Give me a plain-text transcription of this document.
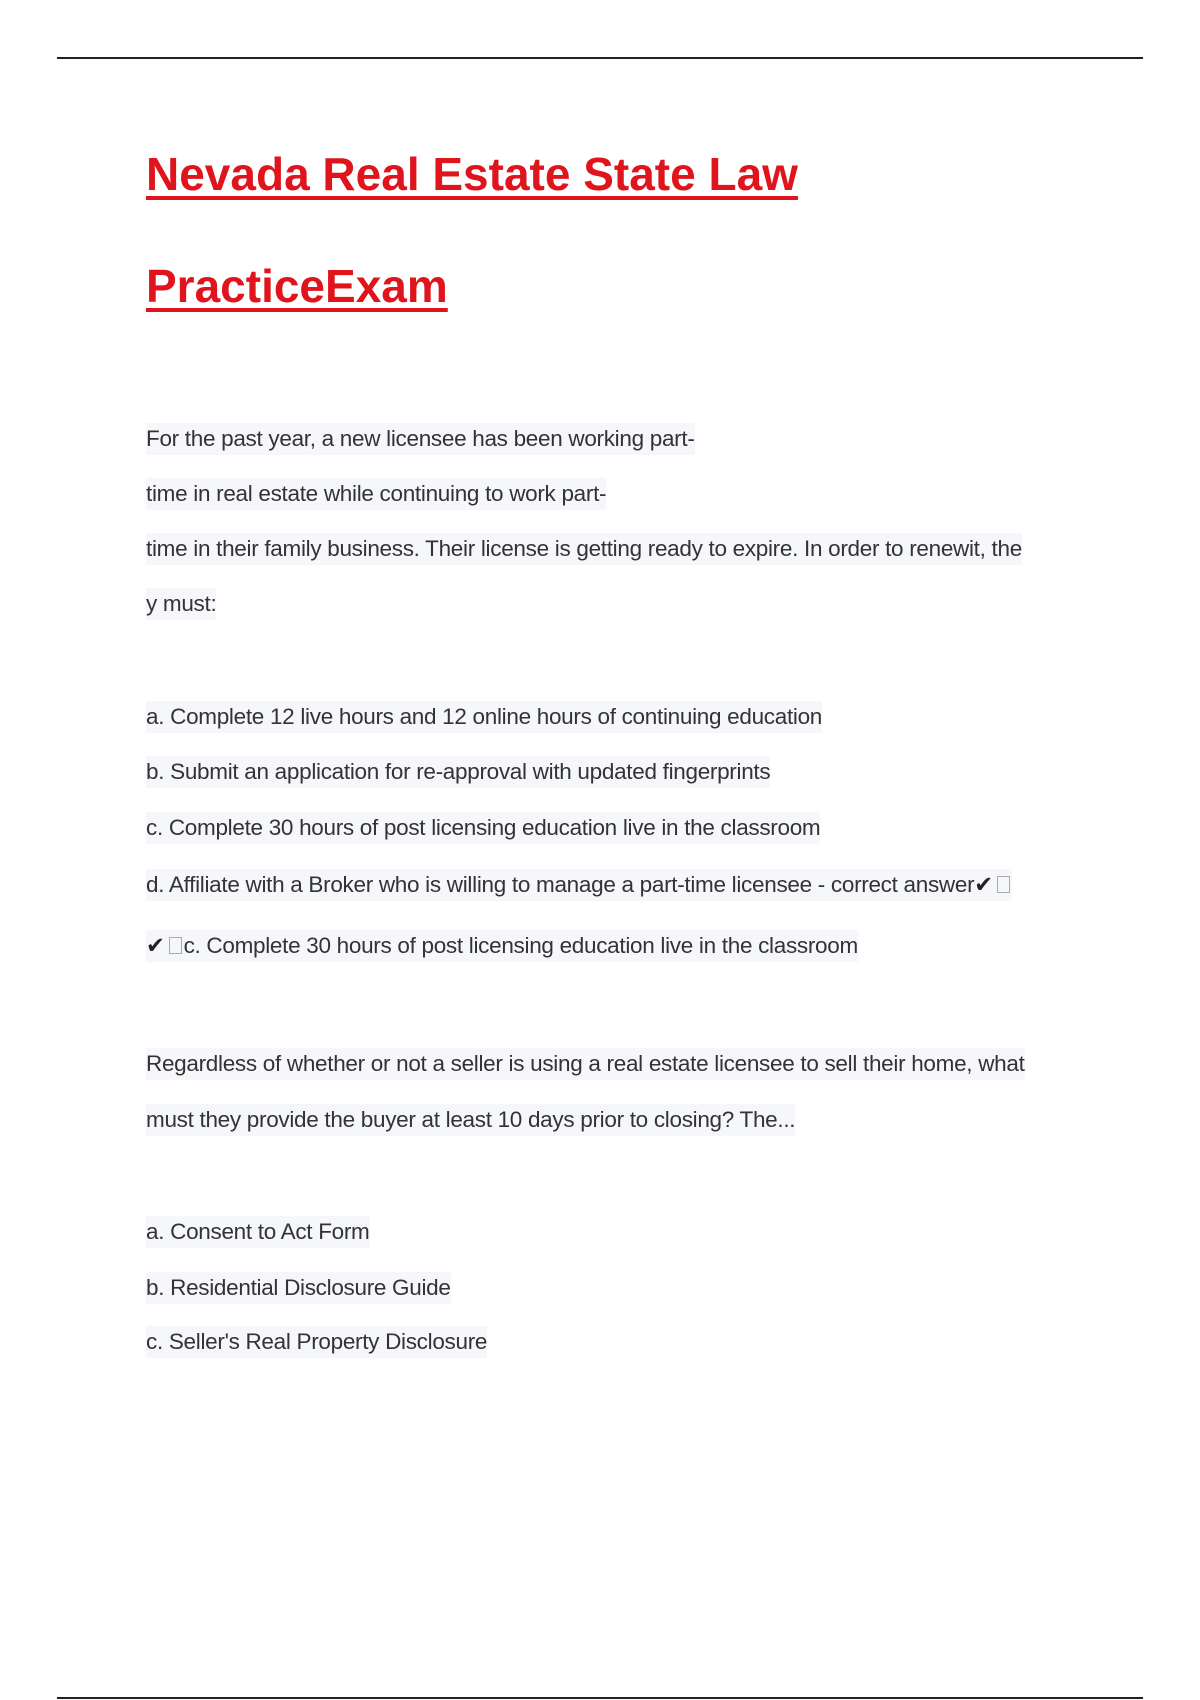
Nevada Real Estate State Law
PracticeExam
For the past year, a new licensee has been working part-
time in real estate while continuing to work part-
time in their family business. Their license is getting ready to expire. In order to renewit, the
y must:
a. Complete 12 live hours and 12 online hours of continuing education
b. Submit an application for re-approval with updated fingerprints
c. Complete 30 hours of post licensing education live in the classroom
d. Affiliate with a Broker who is willing to manage a part-time licensee - correct answer✔
✔ c. Complete 30 hours of post licensing education live in the classroom
Regardless of whether or not a seller is using a real estate licensee to sell their home, what
must they provide the buyer at least 10 days prior to closing? The...
a. Consent to Act Form
b. Residential Disclosure Guide
c. Seller's Real Property Disclosure
